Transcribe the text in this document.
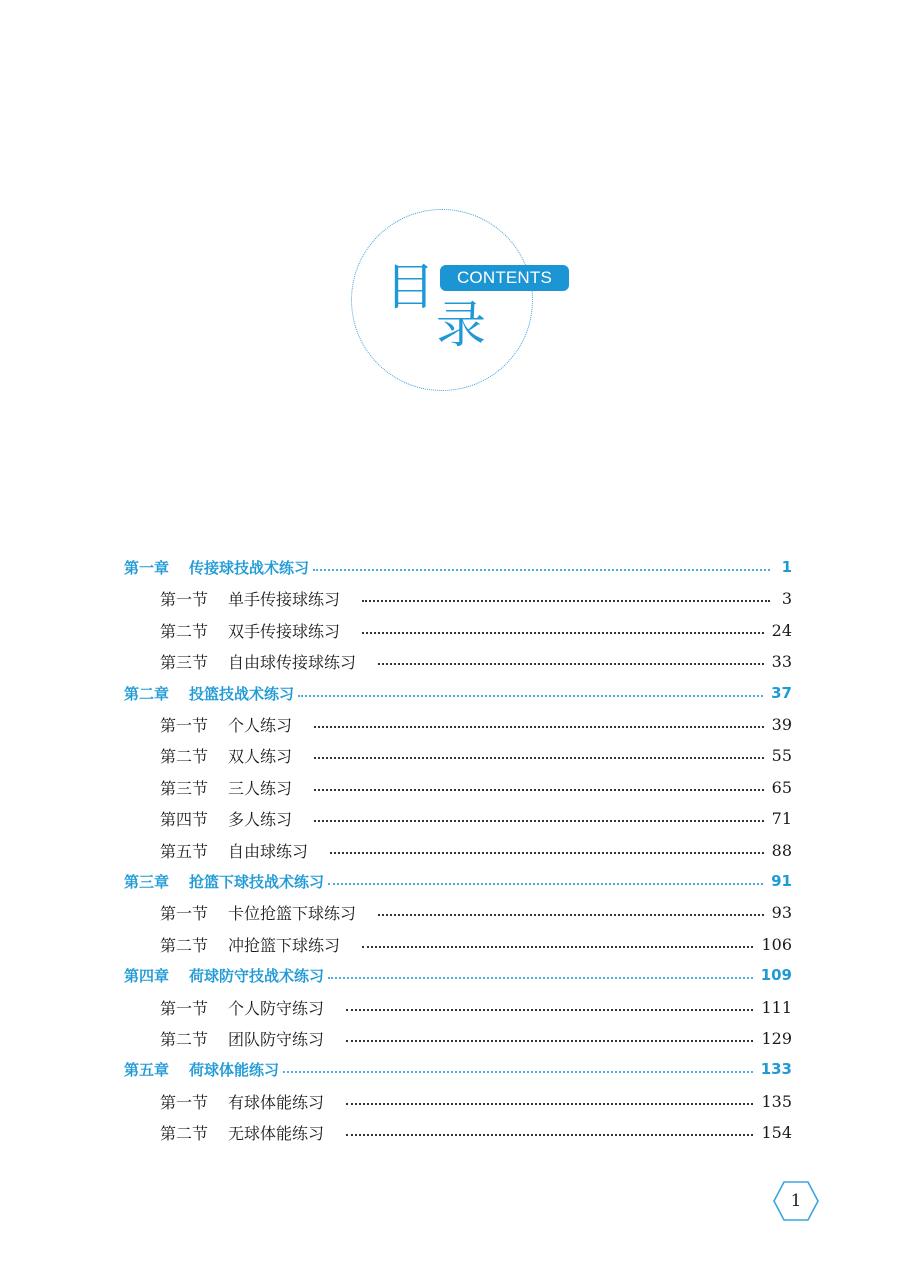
目
录
CONTENTS
第一章 传接球技战术练习	1
第一节 单手传接球练习	3
第二节 双手传接球练习	24
第三节 自由球传接球练习	33
第二章 投篮技战术练习	37
第一节 个人练习	39
第二节 双人练习	55
第三节 三人练习	65
第四节 多人练习	71
第五节 自由球练习	88
第三章 抢篮下球技战术练习	91
第一节 卡位抢篮下球练习	93
第二节 冲抢篮下球练习	106
第四章 荷球防守技战术练习	109
第一节 个人防守练习	111
第二节 团队防守练习	129
第五章 荷球体能练习	133
第一节 有球体能练习	135
第二节 无球体能练习	154
1
